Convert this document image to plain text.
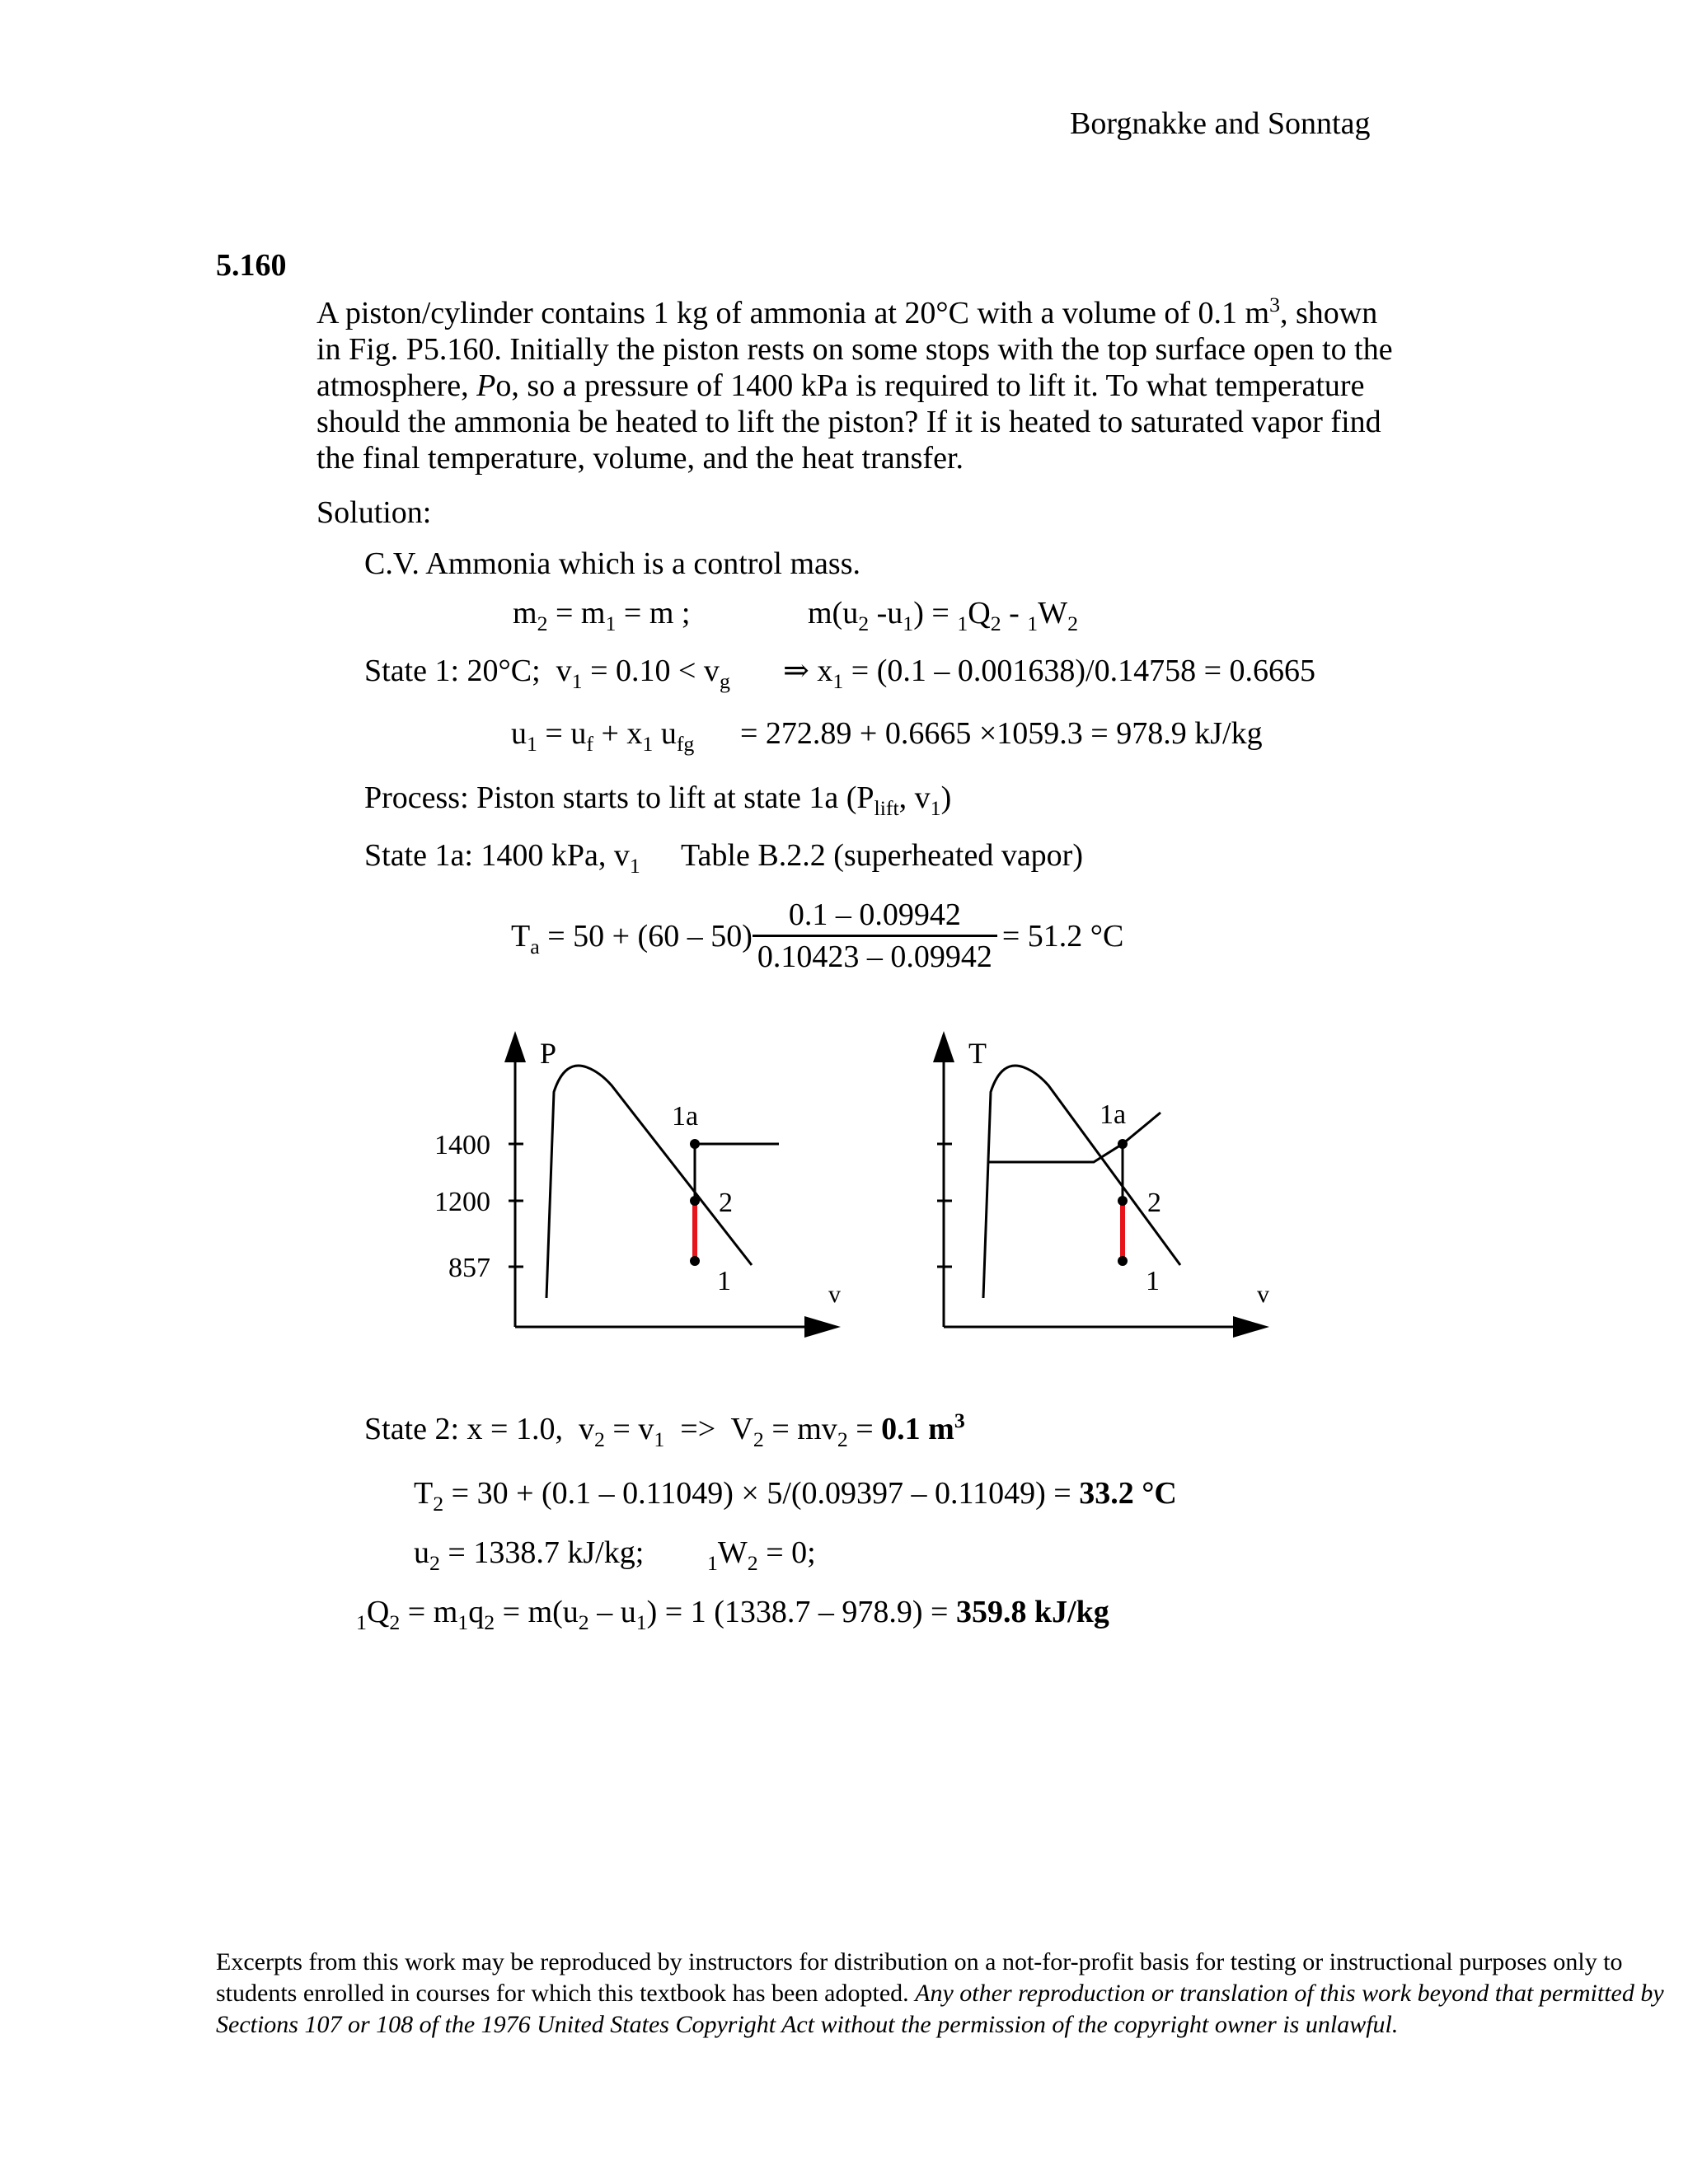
Borgnakke and Sonntag
5.160
A piston/cylinder contains 1 kg of ammonia at 20°C with a volume of 0.1 $m^3$, shown
in Fig. P5.160. Initially the piston rests on some stops with the top surface open to the
atmosphere, Po, so a pressure of 1400 kPa is required to lift it. To what temperature
should the ammonia be heated to lift the piston? If it is heated to saturated vapor find
the final temperature, volume, and the heat transfer.
Solution:
C.V. Ammonia which is a control mass.
$m_2 = m_1 = m$ ;	$m(u_2$ $-u_1) = _1Q_2 - _1W_2$
State 1: 20°C;  $v_1 = 0.10 < v_g$ ⇒ $x_1 = (0.1 - 0.001638)/0.14758 = 0.6665$
$u_1 = u_f + x_1$ $u_{fg} = 272.89 + 0.6665 \times 1059.3 = 978.9$ kJ/kg
Process: Piston starts to lift at state 1a ($P_{lift}$, $v_1$)
State 1a: 1400 kPa, $v_1$ Table B.2.2 (superheated vapor)
$T_a = 50 + (60 - 50) \frac{0.1 - 0.09942}{0.10423 - 0.09942} = 51.2$ °C
1400
1200
857
P
v
1a
2
1
T
v
1a
2
1
State 2: x = 1.0,  $v_2 = v_1 => V_2 = mv_2 = 0.1$ $m^3$
$T_2 = 30 + (0.1 - 0.11049) \times 5/(0.09397 - 0.11049) = 33.2$ °C
$u_2 = 1338.7$ kJ/kg;	$_1W_2 = 0$;
$_1Q_2 = m_1q_2 = m(u_2 - u_1) = 1$ (1338.7 – 978.9) = 359.8 kJ/kg
Excerpts from this work may be reproduced by instructors for distribution on a not-for-profit basis for testing or instructional purposes only to students enrolled in courses for which this textbook has been adopted. Any other reproduction or translation of this work beyond that permitted by Sections 107 or 108 of the 1976 United States Copyright Act without the permission of the copyright owner is unlawful.
